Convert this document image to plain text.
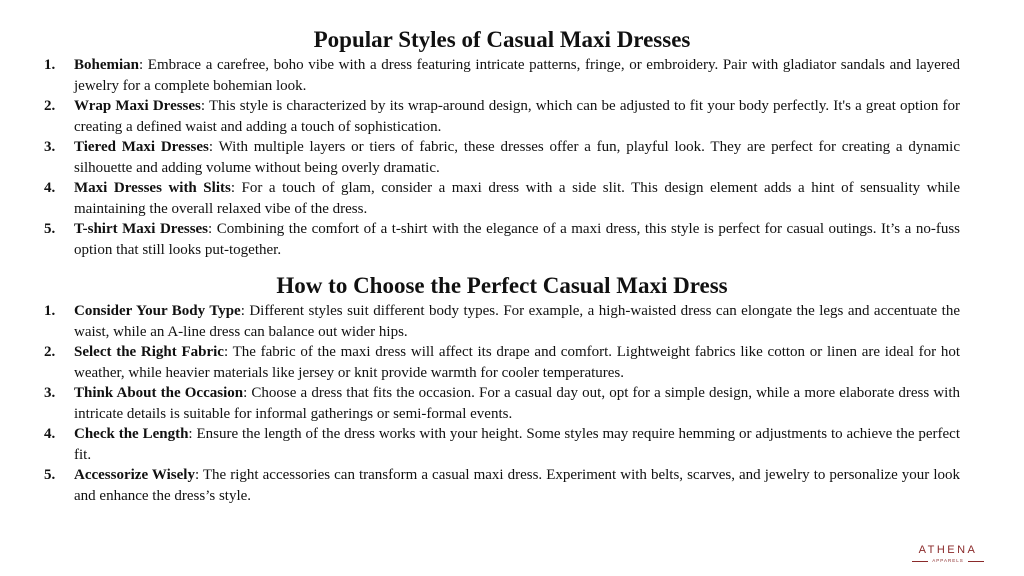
Popular Styles of Casual Maxi Dresses
1. Bohemian: Embrace a carefree, boho vibe with a dress featuring intricate patterns, fringe, or embroidery. Pair with gladiator sandals and layered jewelry for a complete bohemian look.
2. Wrap Maxi Dresses: This style is characterized by its wrap-around design, which can be adjusted to fit your body perfectly. It's a great option for creating a defined waist and adding a touch of sophistication.
3. Tiered Maxi Dresses: With multiple layers or tiers of fabric, these dresses offer a fun, playful look. They are perfect for creating a dynamic silhouette and adding volume without being overly dramatic.
4. Maxi Dresses with Slits: For a touch of glam, consider a maxi dress with a side slit. This design element adds a hint of sensuality while maintaining the overall relaxed vibe of the dress.
5. T-shirt Maxi Dresses: Combining the comfort of a t-shirt with the elegance of a maxi dress, this style is perfect for casual outings. It’s a no-fuss option that still looks put-together.
How to Choose the Perfect Casual Maxi Dress
1. Consider Your Body Type: Different styles suit different body types. For example, a high-waisted dress can elongate the legs and accentuate the waist, while an A-line dress can balance out wider hips.
2. Select the Right Fabric: The fabric of the maxi dress will affect its drape and comfort. Lightweight fabrics like cotton or linen are ideal for hot weather, while heavier materials like jersey or knit provide warmth for cooler temperatures.
3. Think About the Occasion: Choose a dress that fits the occasion. For a casual day out, opt for a simple design, while a more elaborate dress with intricate details is suitable for informal gatherings or semi-formal events.
4. Check the Length: Ensure the length of the dress works with your height. Some styles may require hemming or adjustments to achieve the perfect fit.
5. Accessorize Wisely: The right accessories can transform a casual maxi dress. Experiment with belts, scarves, and jewelry to personalize your look and enhance the dress’s style.
ATHENA
APPARELS
